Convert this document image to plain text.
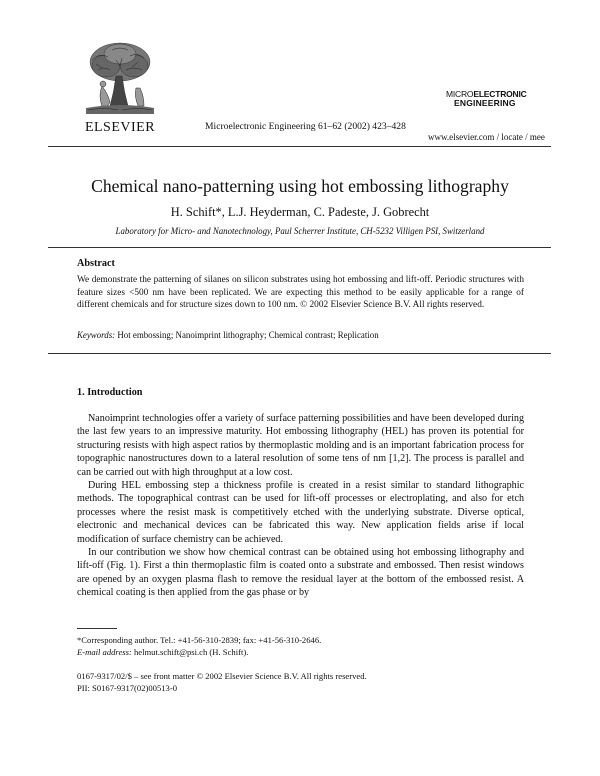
ELSEVIER	Microelectronic Engineering 61–62 (2002) 423–428
MICROELECTRONIC
ENGINEERING
www.elsevier.com / locate / mee
Chemical nano-patterning using hot embossing lithography
H. Schift*, L.J. Heyderman, C. Padeste, J. Gobrecht
Laboratory for Micro- and Nanotechnology, Paul Scherrer Institute, CH-5232 Villigen PSI, Switzerland
Abstract
We demonstrate the patterning of silanes on silicon substrates using hot embossing and lift-off. Periodic structures with feature sizes <500 nm have been replicated. We are expecting this method to be easily applicable for a range of different chemicals and for structure sizes down to 100 nm. © 2002 Elsevier Science B.V. All rights reserved.
Keywords: Hot embossing; Nanoimprint lithography; Chemical contrast; Replication
1. Introduction

Nanoimprint technologies offer a variety of surface patterning possibilities and have been developed during the last few years to an impressive maturity. Hot embossing lithography (HEL) has proven its potential for structuring resists with high aspect ratios by thermoplastic molding and is an important fabrication process for topographic nanostructures down to a lateral resolution of some tens of nm [1,2]. The process is parallel and can be carried out with high throughput at a low cost.

During HEL embossing step a thickness profile is created in a resist similar to standard lithographic methods. The topographical contrast can be used for lift-off processes or electroplating, and also for etch processes where the resist mask is competitively etched with the underlying substrate. Diverse optical, electronic and mechanical devices can be fabricated this way. New application fields arise if local modification of surface chemistry can be achieved.

In our contribution we show how chemical contrast can be obtained using hot embossing lithography and lift-off (Fig. 1). First a thin thermoplastic film is coated onto a substrate and embossed. Then resist windows are opened by an oxygen plasma flash to remove the residual layer at the bottom of the embossed resist. A chemical coating is then applied from the gas phase or by

*Corresponding author. Tel.: +41-56-310-2839; fax: +41-56-310-2646.
E-mail address: helmut.schift@psi.ch (H. Schift).
0167-9317/02/$ – see front matter © 2002 Elsevier Science B.V. All rights reserved.
PII: S0167-9317(02)00513-0
